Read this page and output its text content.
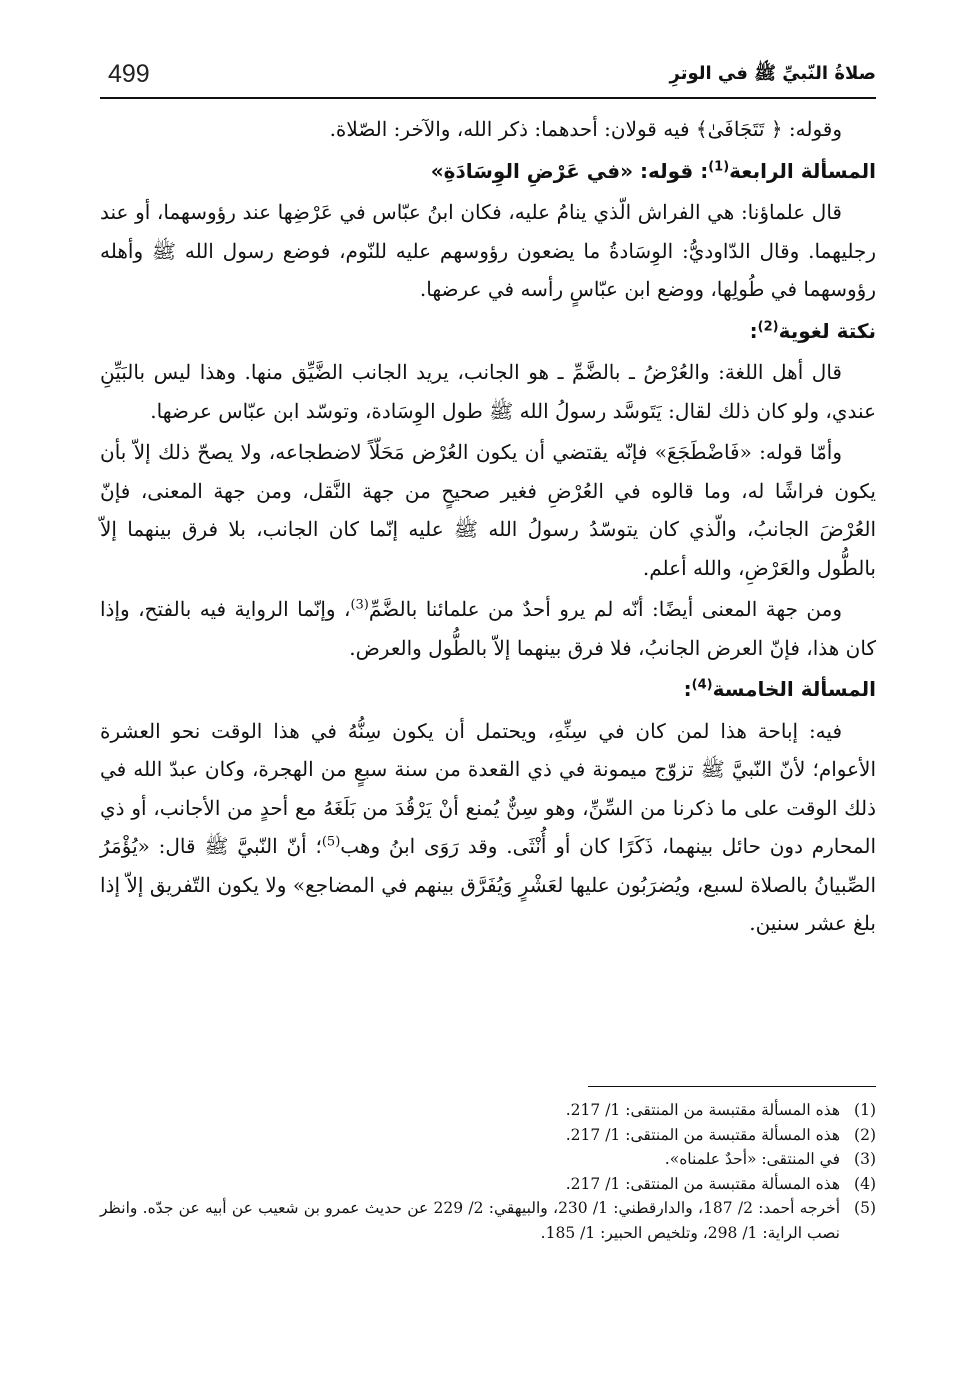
499	صلاةُ النّبيِّ ﷺ في الوترِ

وقوله: ﴿ تَتَجَافَىٰ﴾ فيه قولان: أحدهما: ذكر الله، والآخر: الصّلاة.

المسألة الرابعة$^{(1)}$: قوله: «في عَرْضِ الوِسَادَةِ»

قال علماؤنا: هي الفراش الّذي ينامُ عليه، فكان ابنُ عبّاس في عَرْضِها عند رؤوسهما، أو عند رجليهما. وقال الدّاوديُّ: الوِسَادةُ ما يضعون رؤوسهم عليه للنّوم، فوضع رسول الله ﷺ وأهله رؤوسهما في طُولِها، ووضع ابن عبّاسٍ رأسه في عرضها.

نكتة لغوية$^{(2)}$:

قال أهل اللغة: والعُرْضُ ـ بالضَّمِّ ـ هو الجانب، يريد الجانب الضَّيِّق منها. وهذا ليس بالبَيِّنِ عندي، ولو كان ذلك لقال: يَتَوسَّد رسولُ الله ﷺ طول الوِسَادة، وتوسّد ابن عبّاس عرضها.

وأمّا قوله: «فَاضْطَجَعَ» فإنّه يقتضي أن يكون العُرْض مَحَلّاً لاضطجاعه، ولا يصحّ ذلك إلاّ بأن يكون فراشًا له، وما قالوه في العُرْضِ فغير صحيحٍ من جهة النَّقل، ومن جهة المعنى، فإنّ العُرْضَ الجانبُ، والّذي كان يتوسّدُ رسولُ الله ﷺ عليه إنّما كان الجانب، بلا فرق بينهما إلاّ بالطُّول والعَرْضِ، والله أعلم.

ومن جهة المعنى أيضًا: أنّه لم يرو أحدٌ من علمائنا بالضَّمِّ$^{(3)}$، وإنّما الرواية فيه بالفتح، وإذا كان هذا، فإنّ العرض الجانبُ، فلا فرق بينهما إلاّ بالطُّول والعرض.

المسألة الخامسة$^{(4)}$:

فيه: إباحة هذا لمن كان في سِنِّهِ، ويحتمل أن يكون سِنُّهُ في هذا الوقت نحو العشرة الأعوام؛ لأنّ النّبيَّ ﷺ تزوّج ميمونة في ذي القعدة من سنة سبعٍ من الهجرة، وكان عبدّ الله في ذلك الوقت على ما ذكرنا من السِّنِّ، وهو سِنٌّ يُمنع أنْ يَرْقُدَ من بَلَغَهُ مع أحدٍ من الأجانب، أو ذي المحارم دون حائل بينهما، ذَكَرًا كان أو أُنْثَى. وقد رَوَى ابنُ وهب$^{(5)}$؛ أنّ النّبيَّ ﷺ قال: «يُؤْمَرُ الصِّبيانُ بالصلاة لسبع، ويُضرَبُون عليها لعَشْرٍ وَيُفَرَّق بينهم في المضاجع» ولا يكون التّفريق إلاّ إذا بلغ عشر سنين.

(1)
هذه المسألة مقتبسة من المنتقى: 1/ 217.
(2)
هذه المسألة مقتبسة من المنتقى: 1/ 217.
(3)
في المنتقى: «أحدٌ علمناه».
(4)
هذه المسألة مقتبسة من المنتقى: 1/ 217.
(5)
أخرجه أحمد: 2/ 187، والدارقطني: 1/ 230، والبيهقي: 2/ 229 عن حديث عمرو بن شعيب عن أبيه عن جدّه. وانظر نصب الراية: 1/ 298، وتلخيص الحبير: 1/ 185.
